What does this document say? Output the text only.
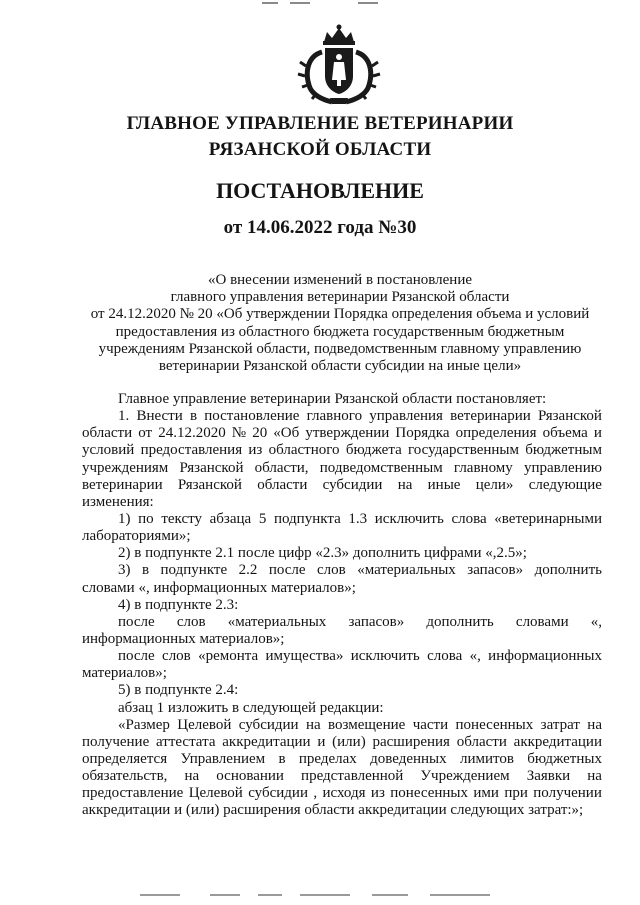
ГЛАВНОЕ УПРАВЛЕНИЕ ВЕТЕРИНАРИИ
РЯЗАНСКОЙ ОБЛАСТИ
ПОСТАНОВЛЕНИЕ
от 14.06.2022 года №30
«О внесении изменений в постановление
главного управления ветеринарии Рязанской области
от 24.12.2020 № 20 «Об утверждении Порядка определения объема и условий
предоставления из областного бюджета государственным бюджетным
учреждениям Рязанской области, подведомственным главному управлению
ветеринарии Рязанской области субсидии на иные цели»
Главное управление ветеринарии Рязанской области постановляет:
1. Внести в постановление главного управления ветеринарии Рязанской
области от 24.12.2020 № 20 «Об утверждении Порядка определения объема и
условий предоставления из областного бюджета государственным бюджетным
учреждениям Рязанской области, подведомственным главному управлению
ветеринарии Рязанской области субсидии на иные цели» следующие
изменения:
1) по тексту абзаца 5 подпункта 1.3 исключить слова «ветеринарными
лабораториями»;
2) в подпункте 2.1 после цифр «2.3» дополнить цифрами «,2.5»;
3) в подпункте 2.2 после слов «материальных запасов» дополнить
словами «, информационных материалов»;
4) в подпункте 2.3:
после слов «материальных запасов» дополнить словами «,
информационных материалов»;
после слов «ремонта имущества» исключить слова «, информационных
материалов»;
5) в подпункте 2.4:
абзац 1 изложить в следующей редакции:
«Размер Целевой субсидии на возмещение части понесенных затрат на
получение аттестата аккредитации и (или) расширения области аккредитации
определяется Управлением в пределах доведенных лимитов бюджетных
обязательств, на основании представленной Учреждением Заявки на
предоставление Целевой субсидии , исходя из понесенных ими при получении
аккредитации и (или) расширения области аккредитации следующих затрат:»;
